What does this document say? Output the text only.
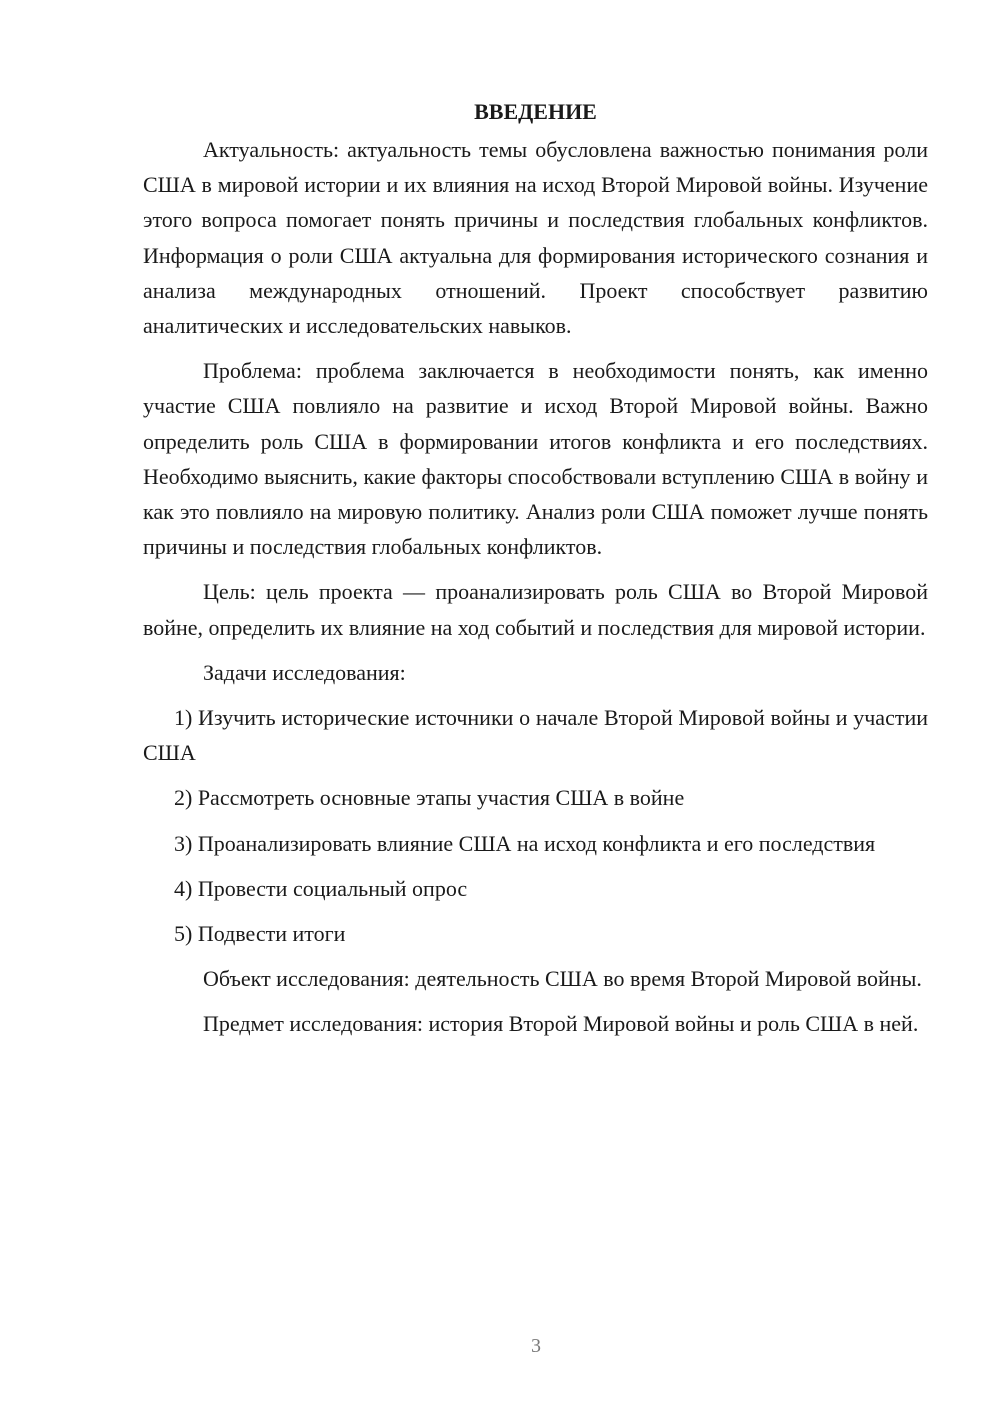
ВВЕДЕНИЕ

Актуальность: актуальность темы обусловлена важностью понимания роли США в мировой истории и их влияния на исход Второй Мировой войны. Изучение этого вопроса помогает понять причины и последствия глобальных конфликтов. Информация о роли США актуальна для формирования исторического сознания и анализа международных отношений. Проект способствует развитию аналитических и исследовательских навыков.

Проблема: проблема заключается в необходимости понять, как именно участие США повлияло на развитие и исход Второй Мировой войны. Важно определить роль США в формировании итогов конфликта и его последствиях. Необходимо выяснить, какие факторы способствовали вступлению США в войну и как это повлияло на мировую политику. Анализ роли США поможет лучше понять причины и последствия глобальных конфликтов.

Цель: цель проекта — проанализировать роль США во Второй Мировой войне, определить их влияние на ход событий и последствия для мировой истории.

Задачи исследования:

1) Изучить исторические источники о начале Второй Мировой войны и участии США

2) Рассмотреть основные этапы участия США в войне

3) Проанализировать влияние США на исход конфликта и его последствия

4) Провести социальный опрос

5) Подвести итоги

Объект исследования: деятельность США во время Второй Мировой войны.

Предмет исследования: история Второй Мировой войны и роль США в ней.

3
